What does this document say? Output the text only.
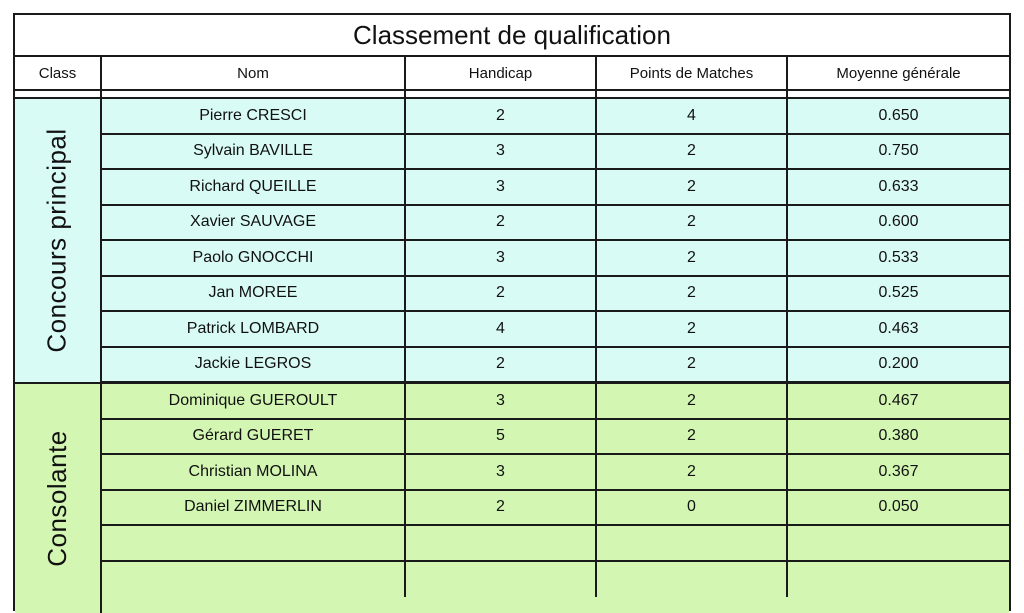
Classement de qualification
Class	Nom	Handicap	Points de Matches	Moyenne générale
Concours principal
Pierre CRESCI	2	4	0.650
Sylvain BAVILLE	3	2	0.750
Richard QUEILLE	3	2	0.633
Xavier SAUVAGE	2	2	0.600
Paolo GNOCCHI	3	2	0.533
Jan MOREE	2	2	0.525
Patrick LOMBARD	4	2	0.463
Jackie LEGROS	2	2	0.200
Consolante
Dominique GUEROULT	3	2	0.467
Gérard GUERET	5	2	0.380
Christian MOLINA	3	2	0.367
Daniel ZIMMERLIN	2	0	0.050
